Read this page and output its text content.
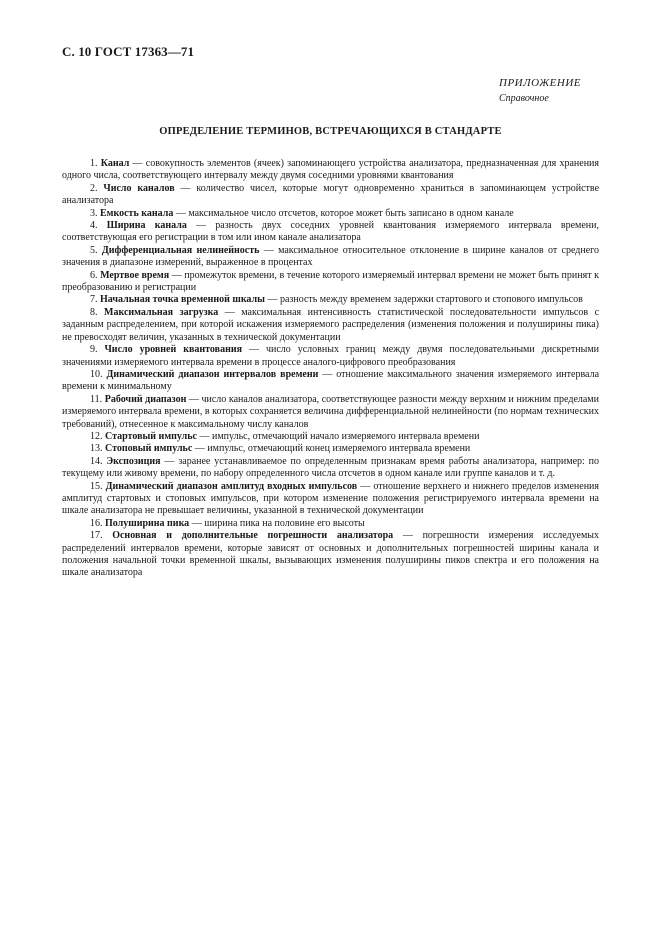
С. 10 ГОСТ 17363—71
ПРИЛОЖЕНИЕ
Справочное
ОПРЕДЕЛЕНИЕ ТЕРМИНОВ, ВСТРЕЧАЮЩИХСЯ В СТАНДАРТЕ

1. Канал — совокупность элементов (ячеек) запоминающего устройства анализатора, предназначенная для хранения одного числа, соответствующего интервалу между двумя соседними уровнями квантования

2. Число каналов — количество чисел, которые могут одновременно храниться в запоминающем устройстве анализатора

3. Емкость канала — максимальное число отсчетов, которое может быть записано в одном канале

4. Ширина канала — разность двух соседних уровней квантования измеряемого интервала времени, соответствующая его регистрации в том или ином канале анализатора

5. Дифференциальная нелинейность — максимальное относительное отклонение в ширине каналов от среднего значения в диапазоне измерений, выраженное в процентах

6. Мертвое время — промежуток времени, в течение которого измеряемый интервал времени не может быть принят к преобразованию и регистрации

7. Начальная точка временной шкалы — разность между временем задержки стартового и стопового импульсов

8. Максимальная загрузка — максимальная интенсивность статистической последовательности импульсов с заданным распределением, при которой искажения измеряемого распределения (изменения положения и полуширины пика) не превосходят величин, указанных в технической документации

9. Число уровней квантования — число условных границ между двумя последовательными дискретными значениями измеряемого интервала времени в процессе аналого-цифрового преобразования

10. Динамический диапазон интервалов времени — отношение максимального значения измеряемого интервала времени к минимальному

11. Рабочий диапазон — число каналов анализатора, соответствующее разности между верхним и нижним пределами измеряемого интервала времени, в которых сохраняется величина дифференциальной нелинейности (по нормам технических требований), отнесенное к максимальному числу каналов

12. Стартовый импульс — импульс, отмечающий начало измеряемого интервала времени

13. Стоповый импульс — импульс, отмечающий конец измеряемого интервала времени

14. Экспозиция — заранее устанавливаемое по определенным признакам время работы анализатора, например: по текущему или живому времени, по набору определенного числа отсчетов в одном канале или группе каналов и т. д.

15. Динамический диапазон амплитуд входных импульсов — отношение верхнего и нижнего пределов изменения амплитуд стартовых и стоповых импульсов, при котором изменение положения регистрируемого интервала времени на шкале анализатора не превышает величины, указанной в технической документации

16. Полуширина пика — ширина пика на половине его высоты

17. Основная и дополнительные погрешности анализатора — погрешности измерения исследуемых распределений интервалов времени, которые зависят от основных и дополнительных погрешностей ширины канала и положения начальной точки временной шкалы, вызывающих изменения полуширины пиков спектра и его положения на шкале анализатора
